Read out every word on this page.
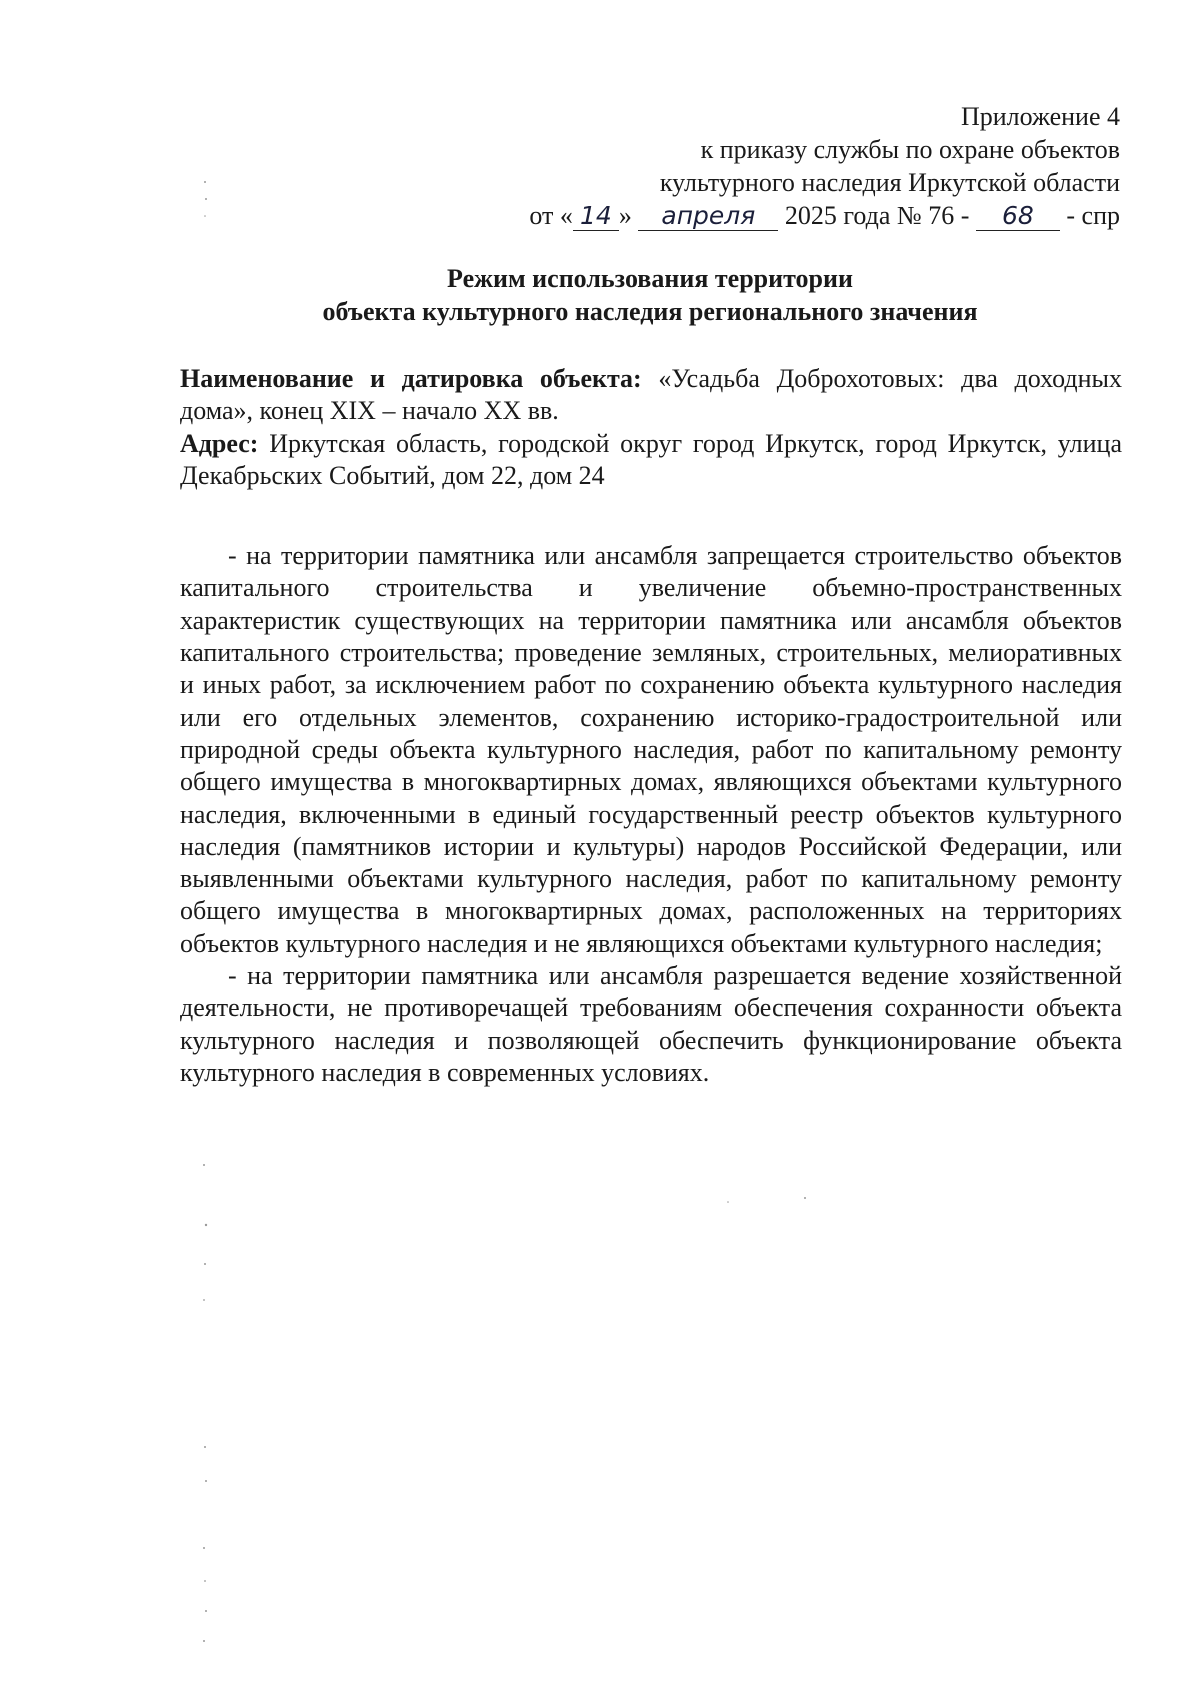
Приложение 4
к приказу службы по охране объектов
культурного наследия Иркутской области
от « 14 » апреля 2025 года № 76 - 68 - спр
Режим использования территории
объекта культурного наследия регионального значения

Наименование и датировка объекта: «Усадьба Доброхотовых: два доходных дома», конец XIX – начало XX вв.

Адрес: Иркутская область, городской округ город Иркутск, город Иркутск, улица Декабрьских Событий, дом 22, дом 24

- на территории памятника или ансамбля запрещается строительство объектов капитального строительства и увеличение объемно-пространственных характеристик существующих на территории памятника или ансамбля объектов капитального строительства; проведение земляных, строительных, мелиоративных и иных работ, за исключением работ по сохранению объекта культурного наследия или его отдельных элементов, сохранению историко-градостроительной или природной среды объекта культурного наследия, работ по капитальному ремонту общего имущества в многоквартирных домах, являющихся объектами культурного наследия, включенными в единый государственный реестр объектов культурного наследия (памятников истории и культуры) народов Российской Федерации, или выявленными объектами культурного наследия, работ по капитальному ремонту общего имущества в многоквартирных домах, расположенных на территориях объектов культурного наследия и не являющихся объектами культурного наследия;

- на территории памятника или ансамбля разрешается ведение хозяйственной деятельности, не противоречащей требованиям обеспечения сохранности объекта культурного наследия и позволяющей обеспечить функционирование объекта культурного наследия в современных условиях.
